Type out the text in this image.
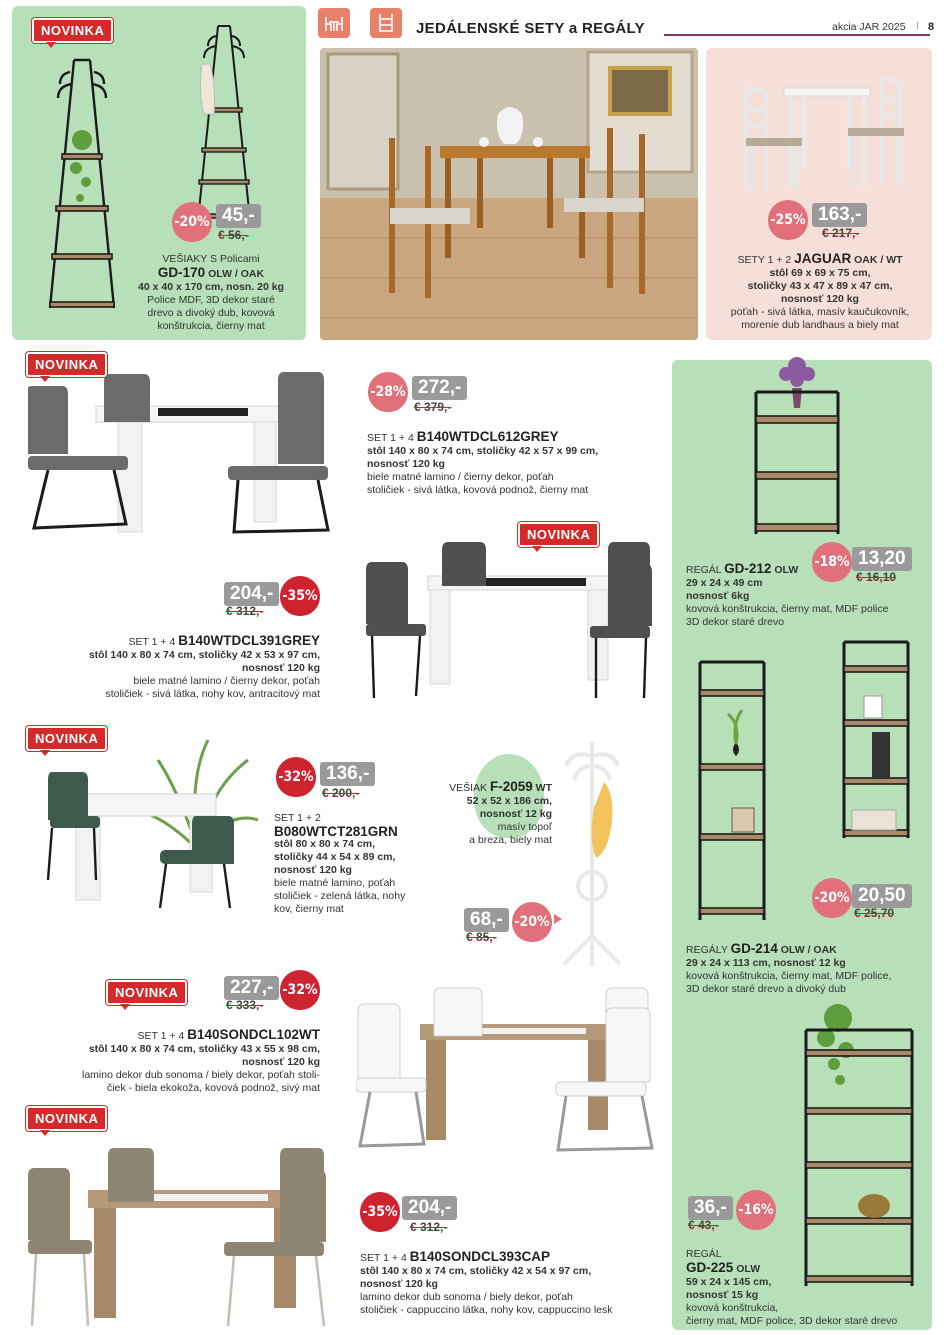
JEDÁLENSKÉ SETY a REGÁLY	akcia JAR 2025 I 8
NOVINKA
-20% 45,-
€ 56,-
VEŠIAKY S Policami
GD-170 OLW / OAK
40 x 40 x 170 cm, nosn. 20 kg
Police MDF, 3D dekor staré
drevo a divoký dub, kovová
konštrukcia, čierny mat
-25% 163,-
€ 217,-
SETY 1 + 2 JAGUAR OAK / WT
stôl 69 x 69 x 75 cm,
stoličky 43 x 47 x 89 x 47 cm,
nosnosť 120 kg
poťah - sivá látka, masív kaučukovník,
morenie dub landhaus a biely mat
NOVINKA
-28% 272,-
€ 379,-
SET 1 + 4 B140WTDCL612GREY
stôl 140 x 80 x 74 cm, stoličky 42 x 57 x 99 cm,
nosnosť 120 kg
biele matné lamino / čierny dekor, poťah
stoličiek - sivá látka, kovová podnož, čierny mat
204,- -35%
€ 312,-
SET 1 + 4 B140WTDCL391GREY
stôl 140 x 80 x 74 cm, stoličky 42 x 53 x 97 cm,
nosnosť 120 kg
biele matné lamino / čierny dekor, poťah
stoličiek - sivá látka, nohy kov, antracitový mat
NOVINKA
-18% 13,20
€ 16,10
REGÁL GD-212 OLW
29 x 24 x 49 cm
nosnosť 6kg
kovová konštrukcia, čierny mat, MDF police
3D dekor staré drevo
-20% 20,50
€ 25,70
REGÁLY GD-214 OLW / OAK
29 x 24 x 113 cm, nosnosť 12 kg
kovová konštrukcia, čierny mat, MDF police,
3D dekor staré drevo a divoký dub
36,- -16%
€ 43,-
REGÁL
GD-225 OLW
59 x 24 x 145 cm,
nosnosť 15 kg
kovová konštrukcia,
čierny mat, MDF police, 3D dekor staré drevo
NOVINKA
-32% 136,-
€ 200,-
SET 1 + 2
B080WTCT281GRN
stôl 80 x 80 x 74 cm,
stoličky 44 x 54 x 89 cm,
nosnosť 120 kg
biele matné lamino, poťah
stoličiek - zelená látka, nohy
kov, čierny mat
VEŠIAK F-2059 WT
52 x 52 x 186 cm,
nosnosť 12 kg
masív topoľ
a breza, biely mat
68,- -20%
€ 85,-
NOVINKA	227,- -32%
€ 333,-
SET 1 + 4 B140SONDCL102WT
stôl 140 x 80 x 74 cm, stoličky 43 x 55 x 98 cm,
nosnosť 120 kg
lamino dekor dub sonoma / biely dekor, poťah stoli-
čiek - biela ekokoža, kovová podnož, sivý mat
NOVINKA
-35% 204,-
€ 312,-
SET 1 + 4 B140SONDCL393CAP
stôl 140 x 80 x 74 cm, stoličky 42 x 54 x 97 cm,
nosnosť 120 kg
lamino dekor dub sonoma / biely dekor, poťah
stoličiek - cappuccino látka, nohy kov, cappuccino lesk
